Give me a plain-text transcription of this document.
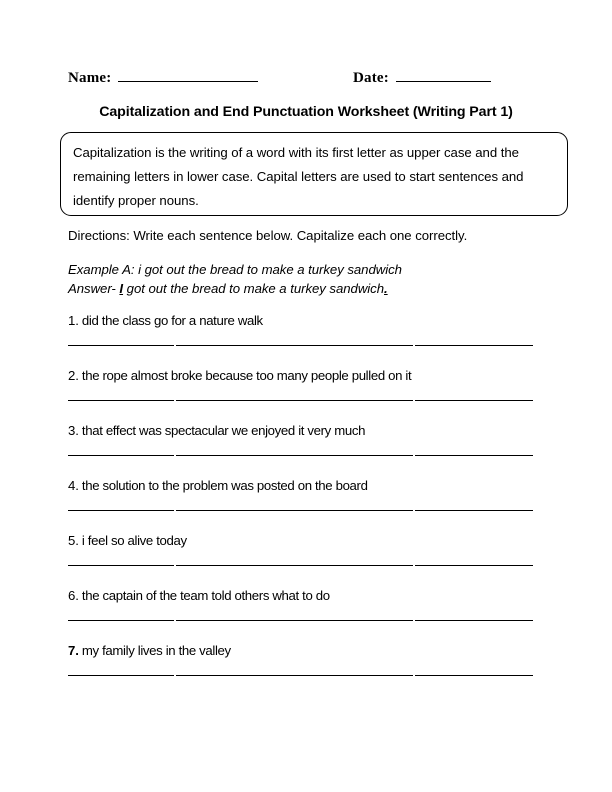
Name:	Date:
Capitalization and End Punctuation Worksheet (Writing Part 1)
Capitalization is the writing of a word with its first letter as upper case and the remaining letters in lower case. Capital letters are used to start sentences and identify proper nouns.
Directions: Write each sentence below. Capitalize each one correctly.
Example A: i got out the bread to make a turkey sandwich
Answer- I got out the bread to make a turkey sandwich.
1. did the class go for a nature walk
2. the rope almost broke because too many people pulled on it
3. that effect was spectacular we enjoyed it very much
4. the solution to the problem was posted on the board
5. i feel so alive today
6. the captain of the team told others what to do
7. my family lives in the valley
